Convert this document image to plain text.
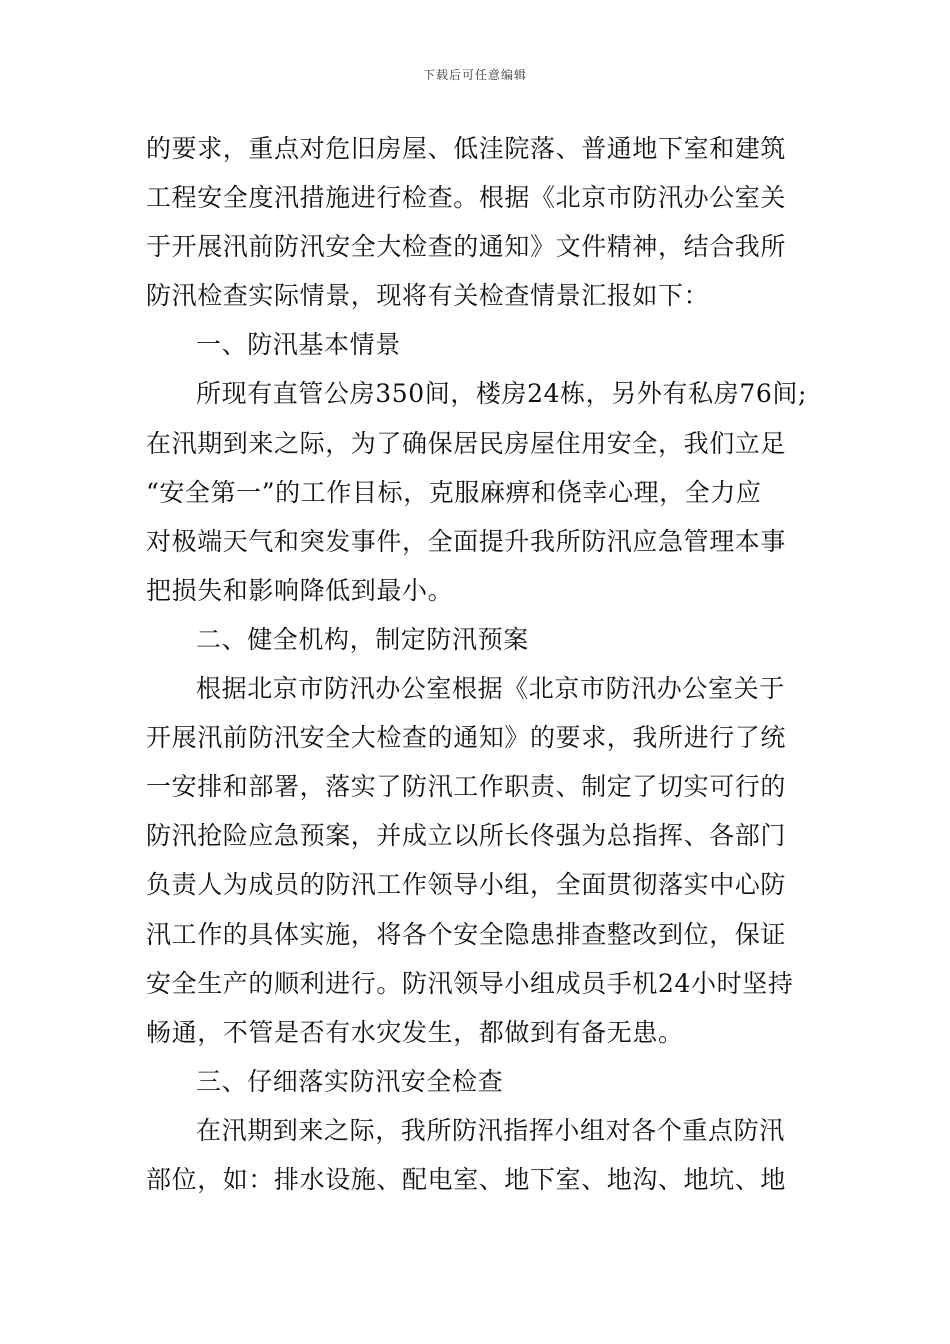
下载后可任意编辑
的要求，重点对危旧房屋、低洼院落、普通地下室和建筑
工程安全度汛措施进行检查。根据《北京市防汛办公室关
于开展汛前防汛安全大检查的通知》文件精神，结合我所
防汛检查实际情景，现将有关检查情景汇报如下：
一、防汛基本情景
所现有直管公房350间，楼房24栋，另外有私房76间;
在汛期到来之际，为了确保居民房屋住用安全，我们立足
“安全第一”的工作目标，克服麻痹和侥幸心理，全力应
对极端天气和突发事件，全面提升我所防汛应急管理本事
把损失和影响降低到最小。
二、健全机构，制定防汛预案
根据北京市防汛办公室根据《北京市防汛办公室关于
开展汛前防汛安全大检查的通知》的要求，我所进行了统
一安排和部署，落实了防汛工作职责、制定了切实可行的
防汛抢险应急预案，并成立以所长佟强为总指挥、各部门
负责人为成员的防汛工作领导小组，全面贯彻落实中心防
汛工作的具体实施，将各个安全隐患排查整改到位，保证
安全生产的顺利进行。防汛领导小组成员手机24小时坚持
畅通，不管是否有水灾发生，都做到有备无患。
三、仔细落实防汛安全检查
在汛期到来之际，我所防汛指挥小组对各个重点防汛
部位，如：排水设施、配电室、地下室、地沟、地坑、地
